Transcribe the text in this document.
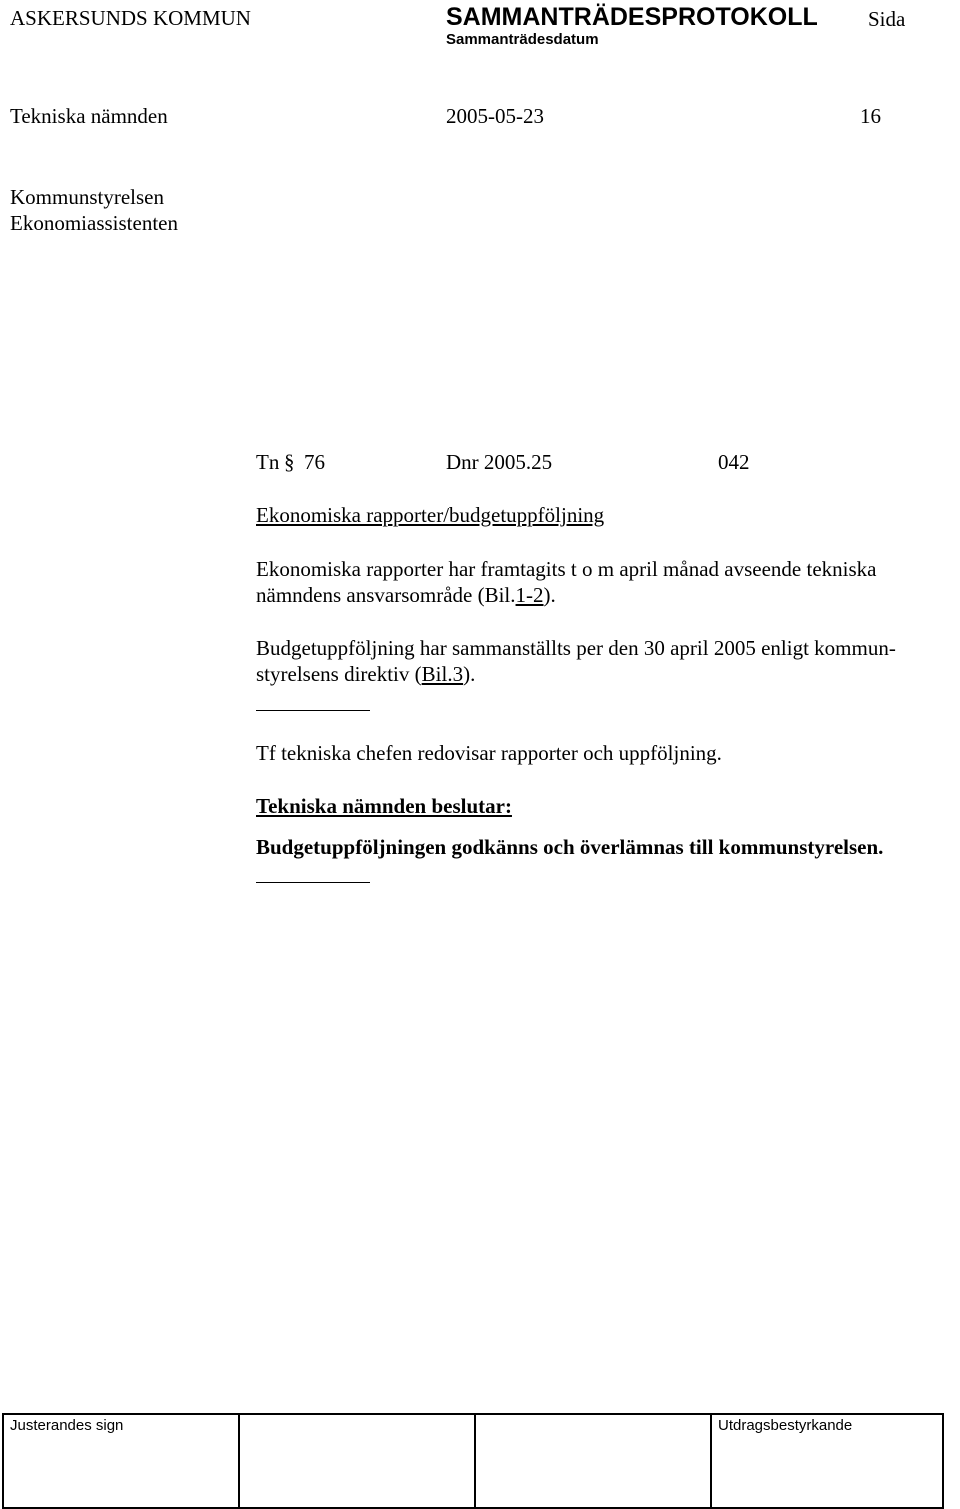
ASKERSUNDS KOMMUN	SAMMANTRÄDESPROTOKOLL Sida
Sammanträdesdatum
Tekniska nämnden	2005-05-23	16
Kommunstyrelsen
Ekonomiassistenten
Tn § 76	Dnr 2005.25	042
Ekonomiska rapporter/budgetuppföljning
Ekonomiska rapporter har framtagits t o m april månad avseende tekniska
nämndens ansvarsområde (Bil.1-2).
Budgetuppföljning har sammanställts per den 30 april 2005 enligt kommun-
styrelsens direktiv (Bil.3).
Tf tekniska chefen redovisar rapporter och uppföljning.
Tekniska nämnden beslutar:
Budgetuppföljningen godkänns och överlämnas till kommunstyrelsen.
Justerandes sign			Utdragsbestyrkande
